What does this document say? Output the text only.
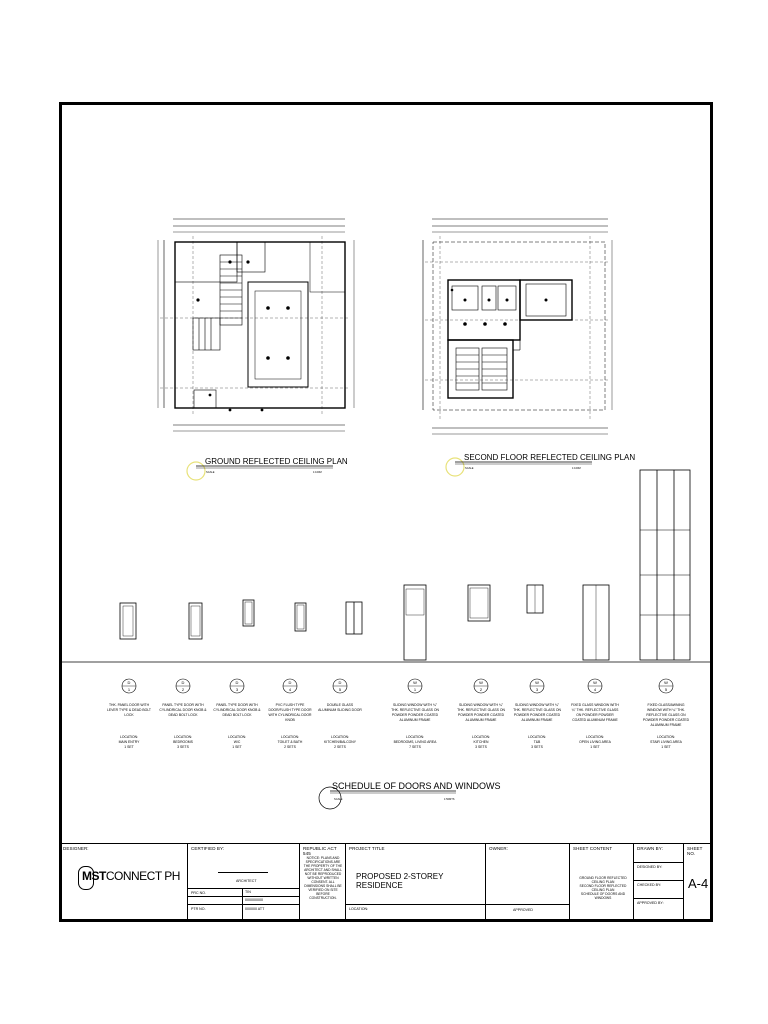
GROUND REFLECTED CEILING PLAN
SCALE	1:100M
SECOND FLOOR REFLECTED CEILING PLAN
SCALE	1:100M
SCHEDULE OF DOORS AND WINDOWS
SCALE	1:50MTS
D
1
THK. PANEL DOOR WITH
LEVER TYPE & DEAD BOLT
LOCK
LOCATION:
MAIN ENTRY
1 SET
D
2
PANEL TYPE DOOR WITH
CYLINDRICAL DOOR KNOB &
DEAD BOLT LOCK
LOCATION:
BEDROOMS
3 SETS
D
3
PANEL TYPE DOOR WITH
CYLINDRICAL DOOR KNOB &
DEAD BOLT LOCK
LOCATION:
W/C
1 SET
D
4
PVC FLUSH TYPE
DOOR/FLUSH TYPE DOOR
WITH CYLINDRICAL DOOR
KNOB
LOCATION:
TOILET & BATH
2 SETS
D
5
DOUBLE GLASS
ALUMINUM SLIDING DOOR
LOCATION:
KITCHEN/BALCONY
2 SETS
W
1
SLIDING WINDOW WITH ¼"
THK. REFLECTIVE GLASS ON
POWDER POWDER COATED
ALUMINUM FRAME
LOCATION:
BEDROOMS, LIVING AREA
7 SETS
W
2
SLIDING WINDOW WITH ¼"
THK. REFLECTIVE GLASS ON
POWDER POWDER COATED
ALUMINUM FRAME
LOCATION:
KITCHEN
3 SETS
W
3
SLIDING WINDOW WITH ¼"
THK. REFLECTIVE GLASS ON
POWDER POWDER COATED
ALUMINUM FRAME
LOCATION:
T&B
3 SETS
W
4
FIXED GLASS WINDOW WITH
¼" THK. REFLECTIVE GLASS
ON POWDER POWDER
COATED ALUMINUM FRAME
LOCATION:
OPEN LIVING AREA
1 SET
W
5
FIXED GLASS/AWNING
WINDOW WITH ¼" THK.
REFLECTIVE GLASS ON
POWDER POWDER COATED
ALUMINUM FRAME
LOCATION:
STAIR LIVING AREA
1 SET
DESIGNER:
MSTCONNECT PH
CERTIFIED BY:
ARCHITECT
PRC NO.	TIN
000000000
PTR NO.	000000 ATT
REPUBLIC ACT 545
NOTICE: PLANS AND SPECIFICATIONS ARE THE PROPERTY OF THE ARCHITECT AND SHALL NOT BE REPRODUCED WITHOUT WRITTEN CONSENT. ALL DIMENSIONS SHALL BE VERIFIED ON SITE BEFORE CONSTRUCTION.
PROJECT TITLE
PROPOSED 2-STOREY RESIDENCE
LOCATION:
OWNER:
APPROVED
SHEET CONTENT
GROUND FLOOR REFLECTED CEILING PLAN
SECOND FLOOR REFLECTED CEILING PLAN
SCHEDULE OF DOORS AND WINDOWS
DRAWN BY:
DESIGNED BY:
CHECKED BY:
APPROVED BY:
SHEET NO.
A-4
